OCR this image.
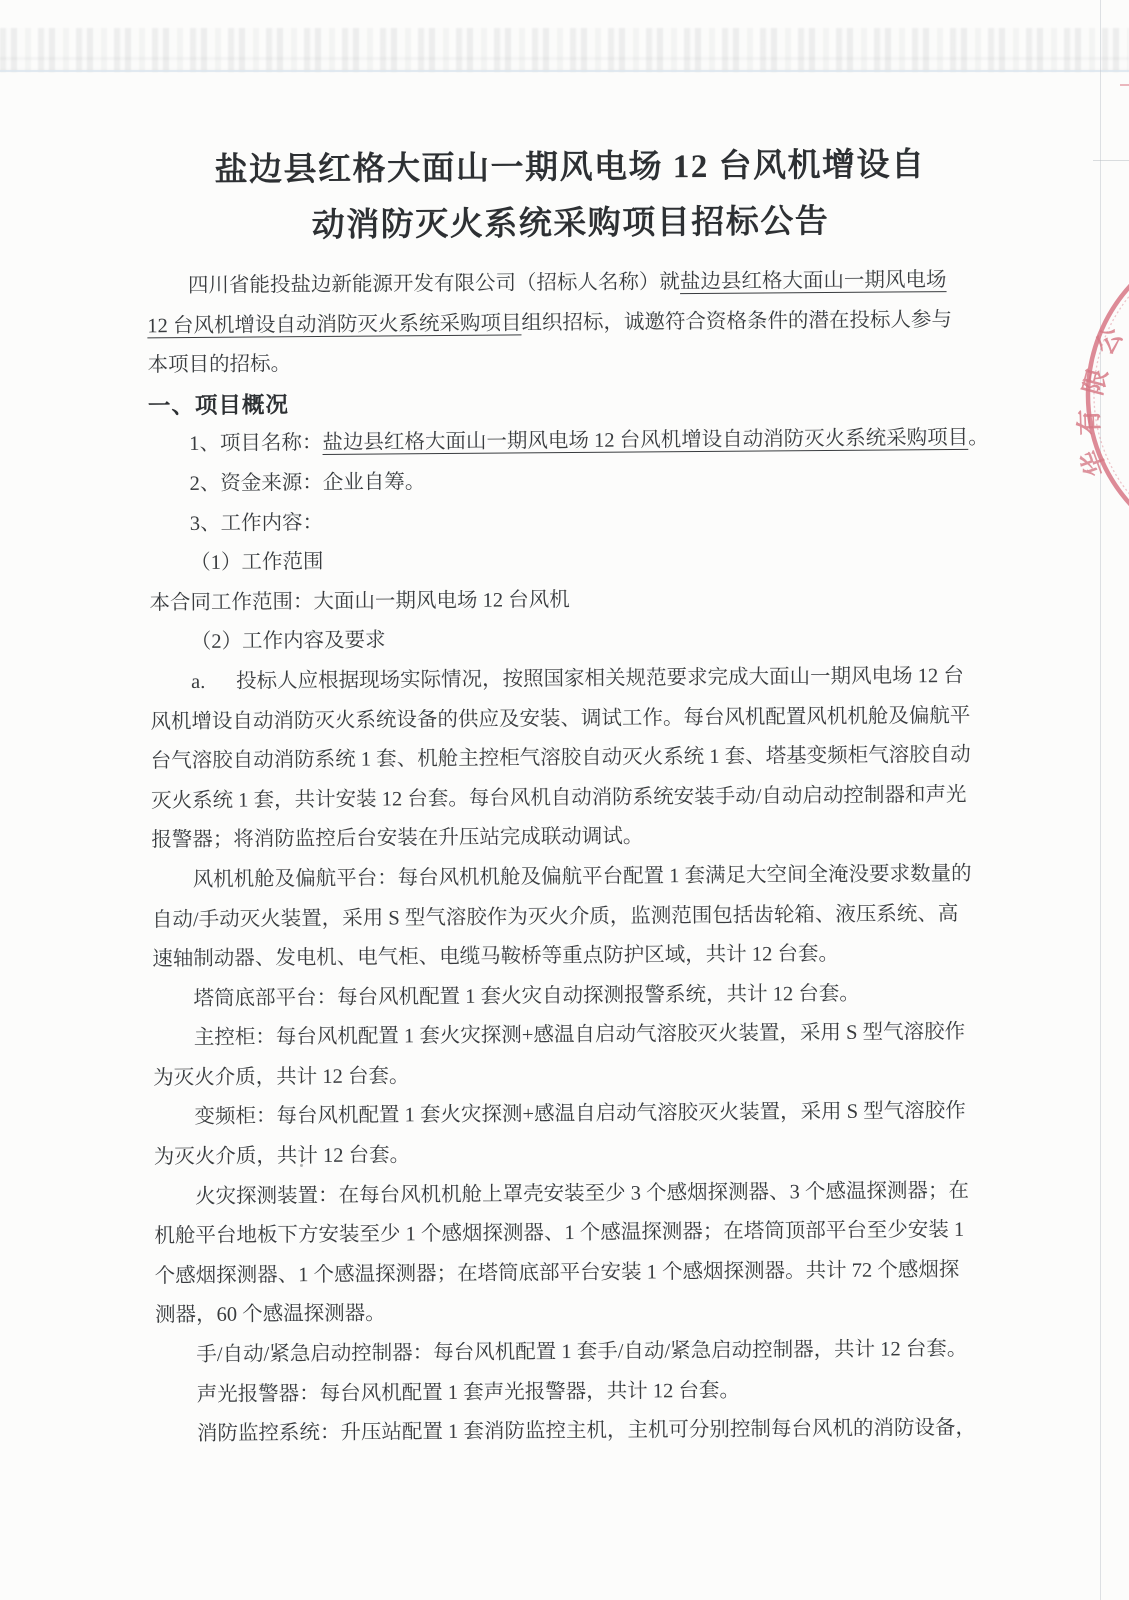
盐边县红格大面山一期风电场 12 台风机增设自
动消防灭火系统采购项目招标公告
四川省能投盐边新能源开发有限公司（招标人名称）就盐边县红格大面山一期风电场
12 台风机增设自动消防灭火系统采购项目组织招标，诚邀符合资格条件的潜在投标人参与
本项目的招标。
一、项目概况
1、项目名称：盐边县红格大面山一期风电场 12 台风机增设自动消防灭火系统采购项目。
2、资金来源：企业自筹。
3、工作内容：
（1）工作范围
本合同工作范围：大面山一期风电场 12 台风机
（2）工作内容及要求
a.      投标人应根据现场实际情况，按照国家相关规范要求完成大面山一期风电场 12 台
风机增设自动消防灭火系统设备的供应及安装、调试工作。每台风机配置风机机舱及偏航平
台气溶胶自动消防系统 1 套、机舱主控柜气溶胶自动灭火系统 1 套、塔基变频柜气溶胶自动
灭火系统 1 套，共计安装 12 台套。每台风机自动消防系统安装手动/自动启动控制器和声光
报警器；将消防监控后台安装在升压站完成联动调试。
风机机舱及偏航平台：每台风机机舱及偏航平台配置 1 套满足大空间全淹没要求数量的
自动/手动灭火装置，采用 S 型气溶胶作为灭火介质，监测范围包括齿轮箱、液压系统、高
速轴制动器、发电机、电气柜、电缆马鞍桥等重点防护区域，共计 12 台套。
塔筒底部平台：每台风机配置 1 套火灾自动探测报警系统，共计 12 台套。
主控柜：每台风机配置 1 套火灾探测+感温自启动气溶胶灭火装置，采用 S 型气溶胶作
为灭火介质，共计 12 台套。
变频柜：每台风机配置 1 套火灾探测+感温自启动气溶胶灭火装置，采用 S 型气溶胶作
为灭火介质，共计 12 台套。
火灾探测装置：在每台风机机舱上罩壳安装至少 3 个感烟探测器、3 个感温探测器；在
机舱平台地板下方安装至少 1 个感烟探测器、1 个感温探测器；在塔筒顶部平台至少安装 1
个感烟探测器、1 个感温探测器；在塔筒底部平台安装 1 个感烟探测器。共计 72 个感烟探
测器，60 个感温探测器。
手/自动/紧急启动控制器：每台风机配置 1 套手/自动/紧急启动控制器，共计 12 台套。
声光报警器：每台风机配置 1 套声光报警器，共计 12 台套。
消防监控系统：升压站配置 1 套消防监控主机，主机可分别控制每台风机的消防设备，
公
限
有
华
